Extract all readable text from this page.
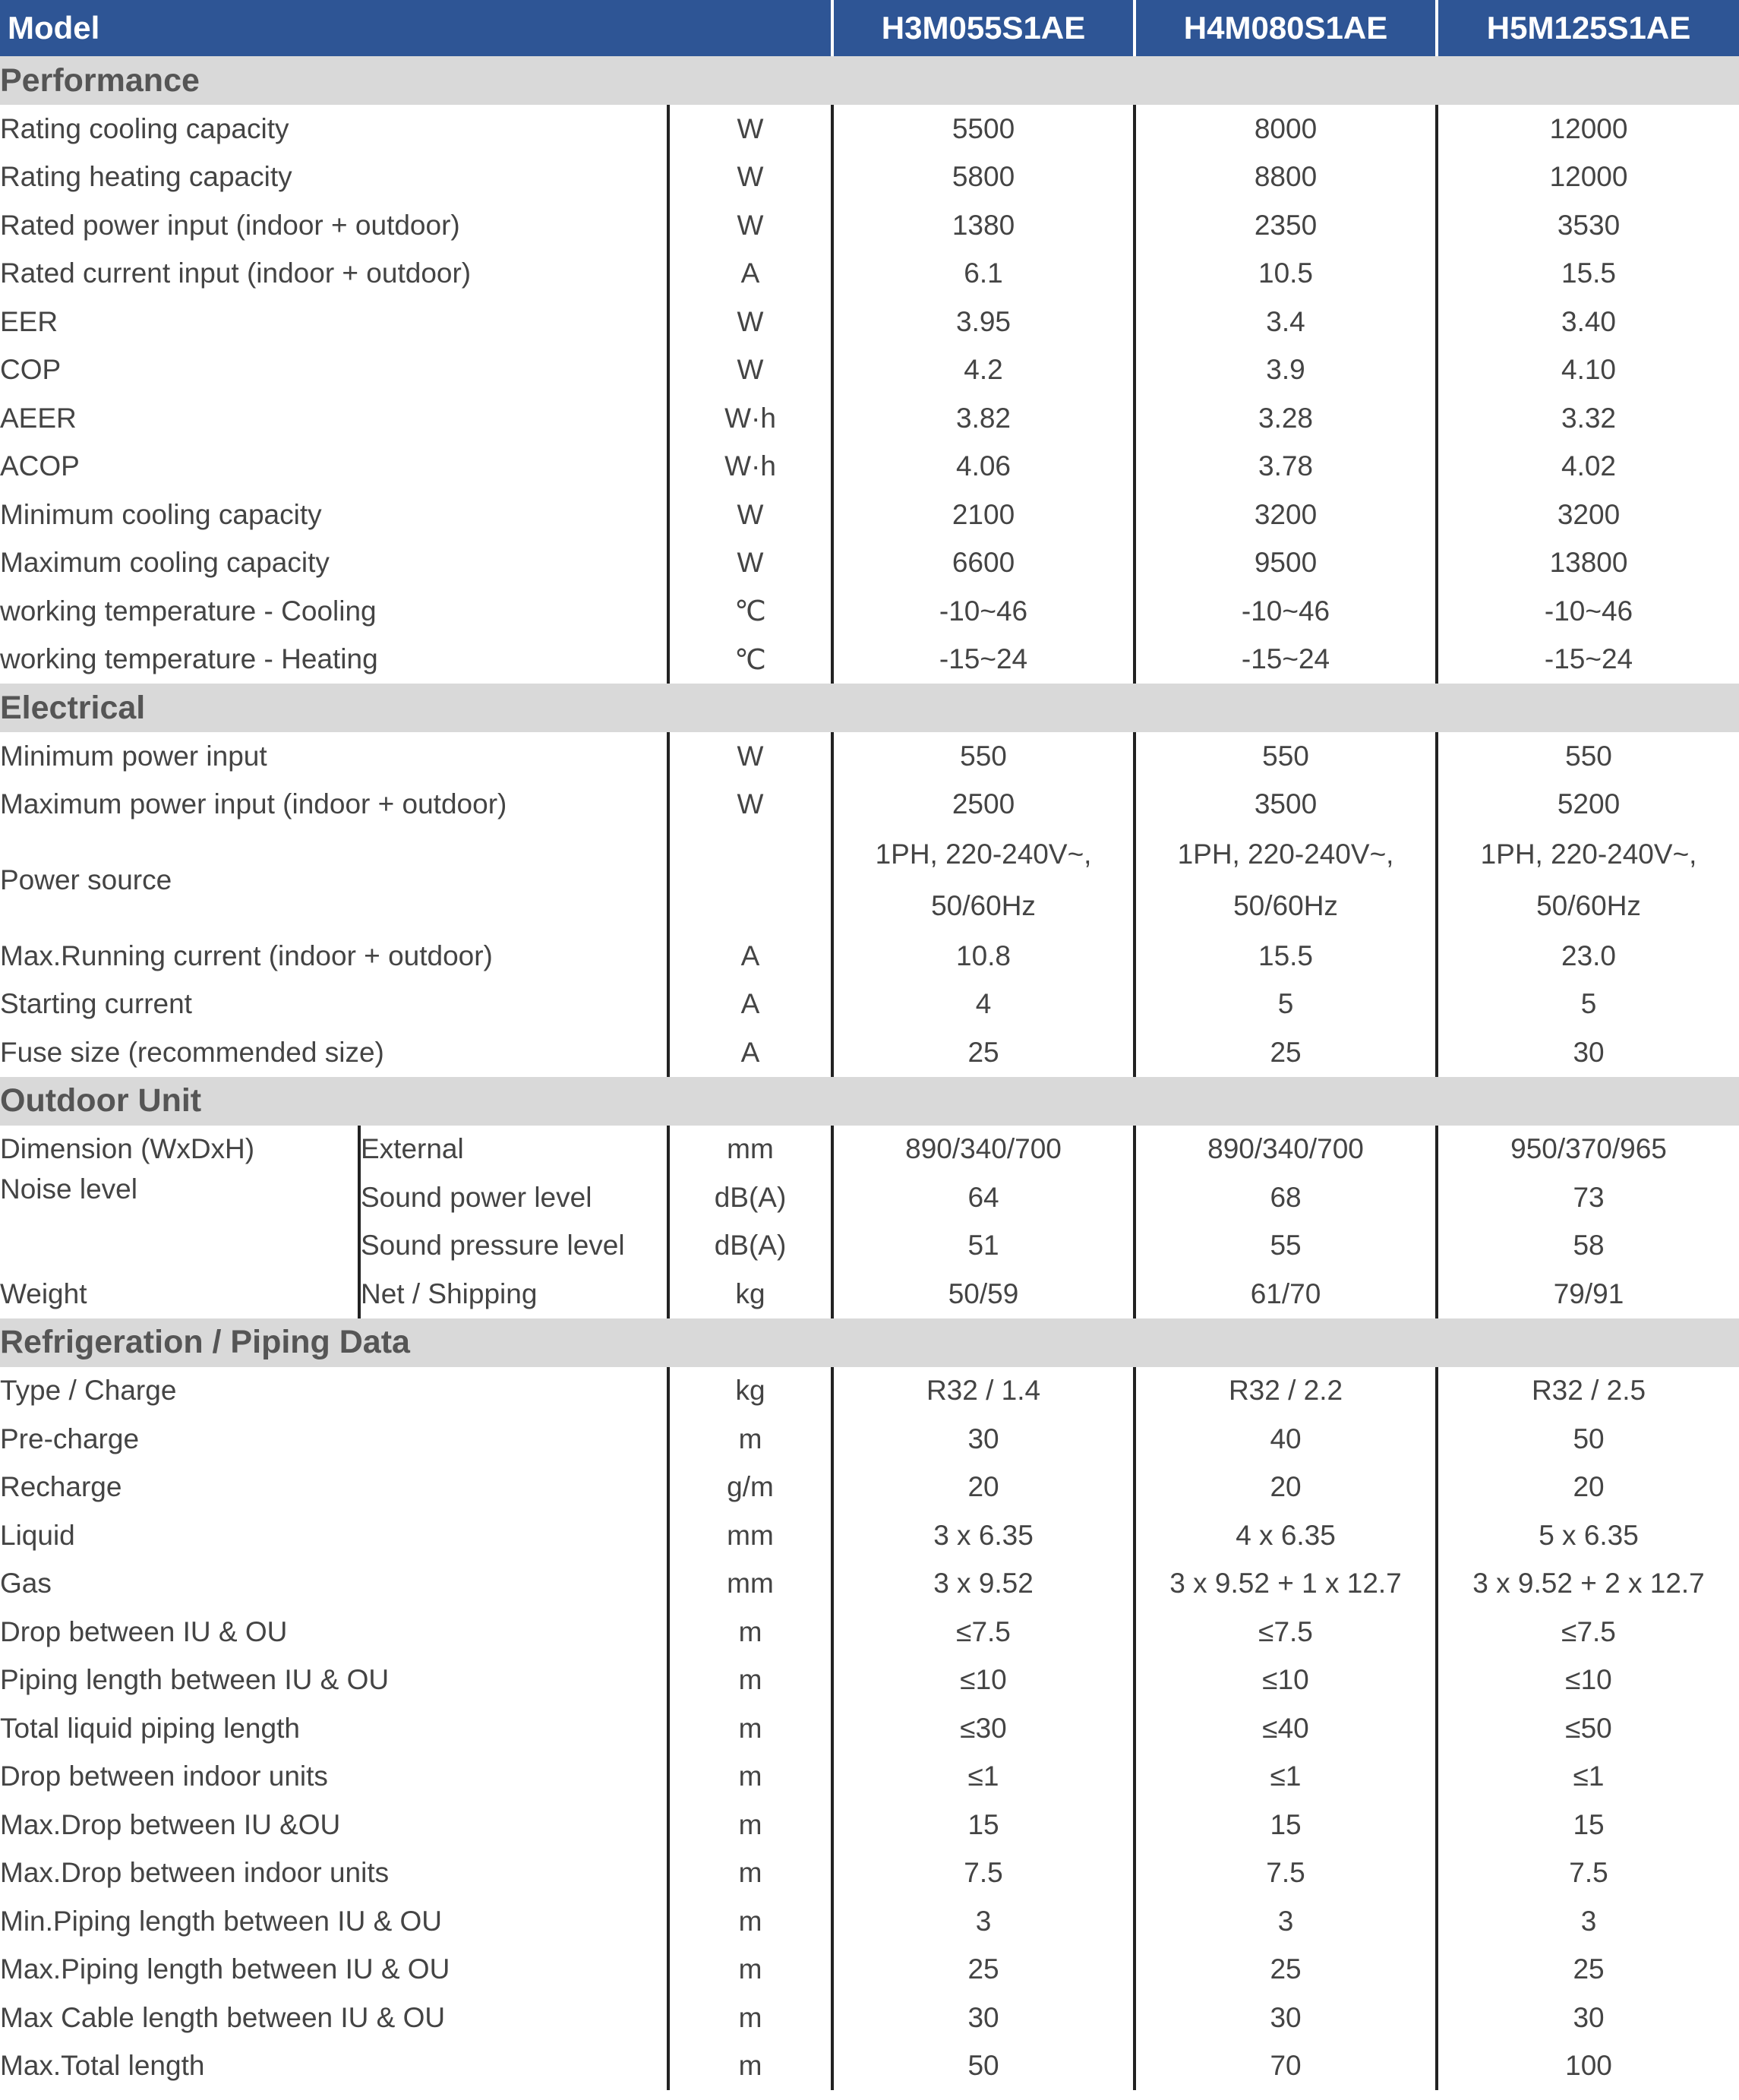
Model			H3M055S1AE	H4M080S1AE	H5M125S1AE
Performance					
Rating cooling capacity		W	5500	8000	12000
Rating heating capacity		W	5800	8800	12000
Rated power input (indoor + outdoor)		W	1380	2350	3530
Rated current input (indoor + outdoor)		A	6.1	10.5	15.5
EER		W	3.95	3.4	3.40
COP		W	4.2	3.9	4.10
AEER		W·h	3.82	3.28	3.32
ACOP		W·h	4.06	3.78	4.02
Minimum cooling capacity		W	2100	3200	3200
Maximum cooling capacity		W	6600	9500	13800
working temperature - Cooling		℃	-10~46	-10~46	-10~46
working temperature - Heating		℃	-15~24	-15~24	-15~24
Electrical					
Minimum power input		W	550	550	550
Maximum power input (indoor + outdoor)		W	2500	3500	5200
Power source			1PH, 220-240V~, 50/60Hz	1PH, 220-240V~, 50/60Hz	1PH, 220-240V~, 50/60Hz
Max.Running current (indoor + outdoor)		A	10.8	15.5	23.0
Starting current		A	4	5	5
Fuse size (recommended size)		A	25	25	30
Outdoor Unit					
Dimension (WxDxH)	External	mm	890/340/700	890/340/700	950/370/965
Noise level	Sound power level	dB(A)	64	68	73
	Sound pressure level	dB(A)	51	55	58
Weight	Net / Shipping	kg	50/59	61/70	79/91
Refrigeration / Piping Data					
Type / Charge		kg	R32 / 1.4	R32 / 2.2	R32 / 2.5
Pre-charge		m	30	40	50
Recharge		g/m	20	20	20
Liquid		mm	3 x 6.35	4 x 6.35	5 x 6.35
Gas		mm	3 x 9.52	3 x 9.52 + 1 x 12.7	3 x 9.52 + 2 x 12.7
Drop between IU & OU		m	≤7.5	≤7.5	≤7.5
Piping length between IU & OU		m	≤10	≤10	≤10
Total liquid piping length		m	≤30	≤40	≤50
Drop between indoor units		m	≤1	≤1	≤1
Max.Drop between IU &OU		m	15	15	15
Max.Drop between indoor units		m	7.5	7.5	7.5
Min.Piping length between IU & OU		m	3	3	3
Max.Piping length between IU & OU		m	25	25	25
Max Cable length between IU & OU		m	30	30	30
Max.Total length		m	50	70	100
